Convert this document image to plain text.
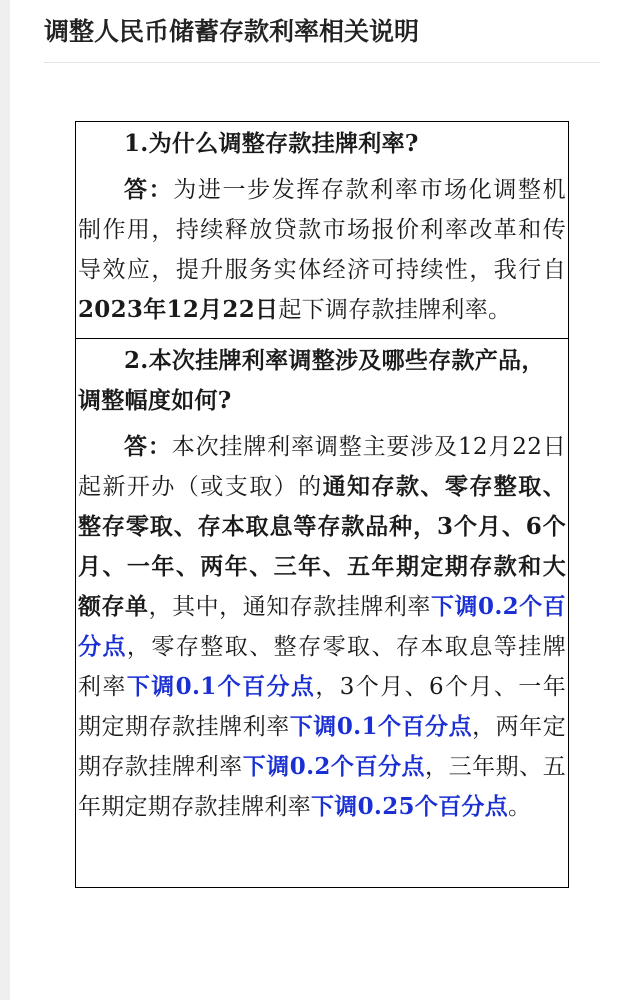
调整人民币储蓄存款利率相关说明

1.为什么调整存款挂牌利率?

答：为进一步发挥存款利率市场化调整机制作用，持续释放贷款市场报价利率改革和传导效应，提升服务实体经济可持续性，我行自2023年12月22日起下调存款挂牌利率。

2.本次挂牌利率调整涉及哪些存款产品，调整幅度如何?

答：本次挂牌利率调整主要涉及12月22日起新开办（或支取）的通知存款、零存整取、整存零取、存本取息等存款品种，3个月、6个月、一年、两年、三年、五年期定期存款和大额存单，其中，通知存款挂牌利率下调0.2个百分点，零存整取、整存零取、存本取息等挂牌利率下调0.1个百分点，3个月、6个月、一年期定期存款挂牌利率下调0.1个百分点，两年定期存款挂牌利率下调0.2个百分点，三年期、五年期定期存款挂牌利率下调0.25个百分点。
